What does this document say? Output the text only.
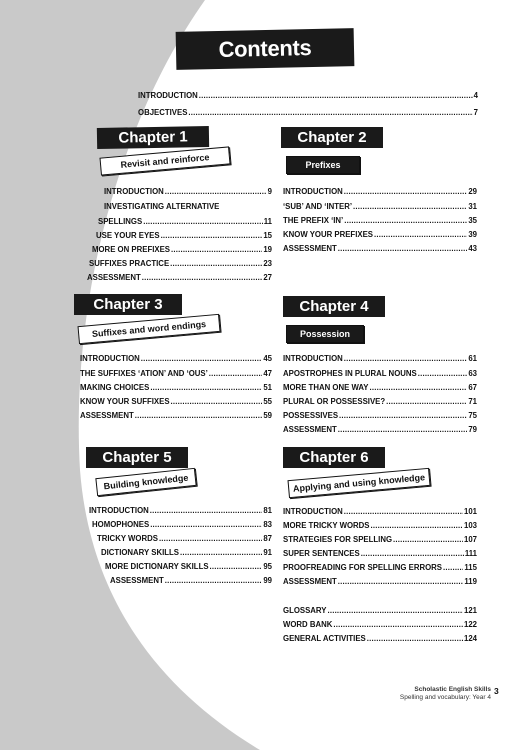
Contents
INTRODUCTION .....	4
OBJECTIVES .....	7
Chapter 1
Revisit and reinforce
INTRODUCTION .....	9
INVESTIGATING ALTERNATIVE
SPELLINGS .....	11
USE YOUR EYES .....	15
MORE ON PREFIXES .....	19
SUFFIXES PRACTICE .....	23
ASSESSMENT .....	27
Chapter 2
Prefixes
INTRODUCTION .....	29
‘SUB’ AND ‘INTER’ .....	31
THE PREFIX ‘IN’ .....	35
KNOW YOUR PREFIXES .....	39
ASSESSMENT .....	43
Chapter 3
Suffixes and word endings
INTRODUCTION .....	45
THE SUFFIXES ‘ATION’ AND ‘OUS’ .....	47
MAKING CHOICES .....	51
KNOW YOUR SUFFIXES .....	55
ASSESSMENT .....	59
Chapter 4
Possession
INTRODUCTION .....	61
APOSTROPHES IN PLURAL NOUNS .....	63
MORE THAN ONE WAY .....	67
PLURAL OR POSSESSIVE? .....	71
POSSESSIVES .....	75
ASSESSMENT .....	79
Chapter 5
Building knowledge
INTRODUCTION .....	81
HOMOPHONES .....	83
TRICKY WORDS .....	87
DICTIONARY SKILLS .....	91
MORE DICTIONARY SKILLS .....	95
ASSESSMENT .....	99
Chapter 6
Applying and using knowledge
INTRODUCTION .....	101
MORE TRICKY WORDS .....	103
STRATEGIES FOR SPELLING .....	107
SUPER SENTENCES .....	111
PROOFREADING FOR SPELLING ERRORS .....	115
ASSESSMENT .....	119
GLOSSARY .....	121
WORD BANK .....	122
GENERAL ACTIVITIES .....	124
Scholastic English Skills
Spelling and vocabulary: Year 4
3
